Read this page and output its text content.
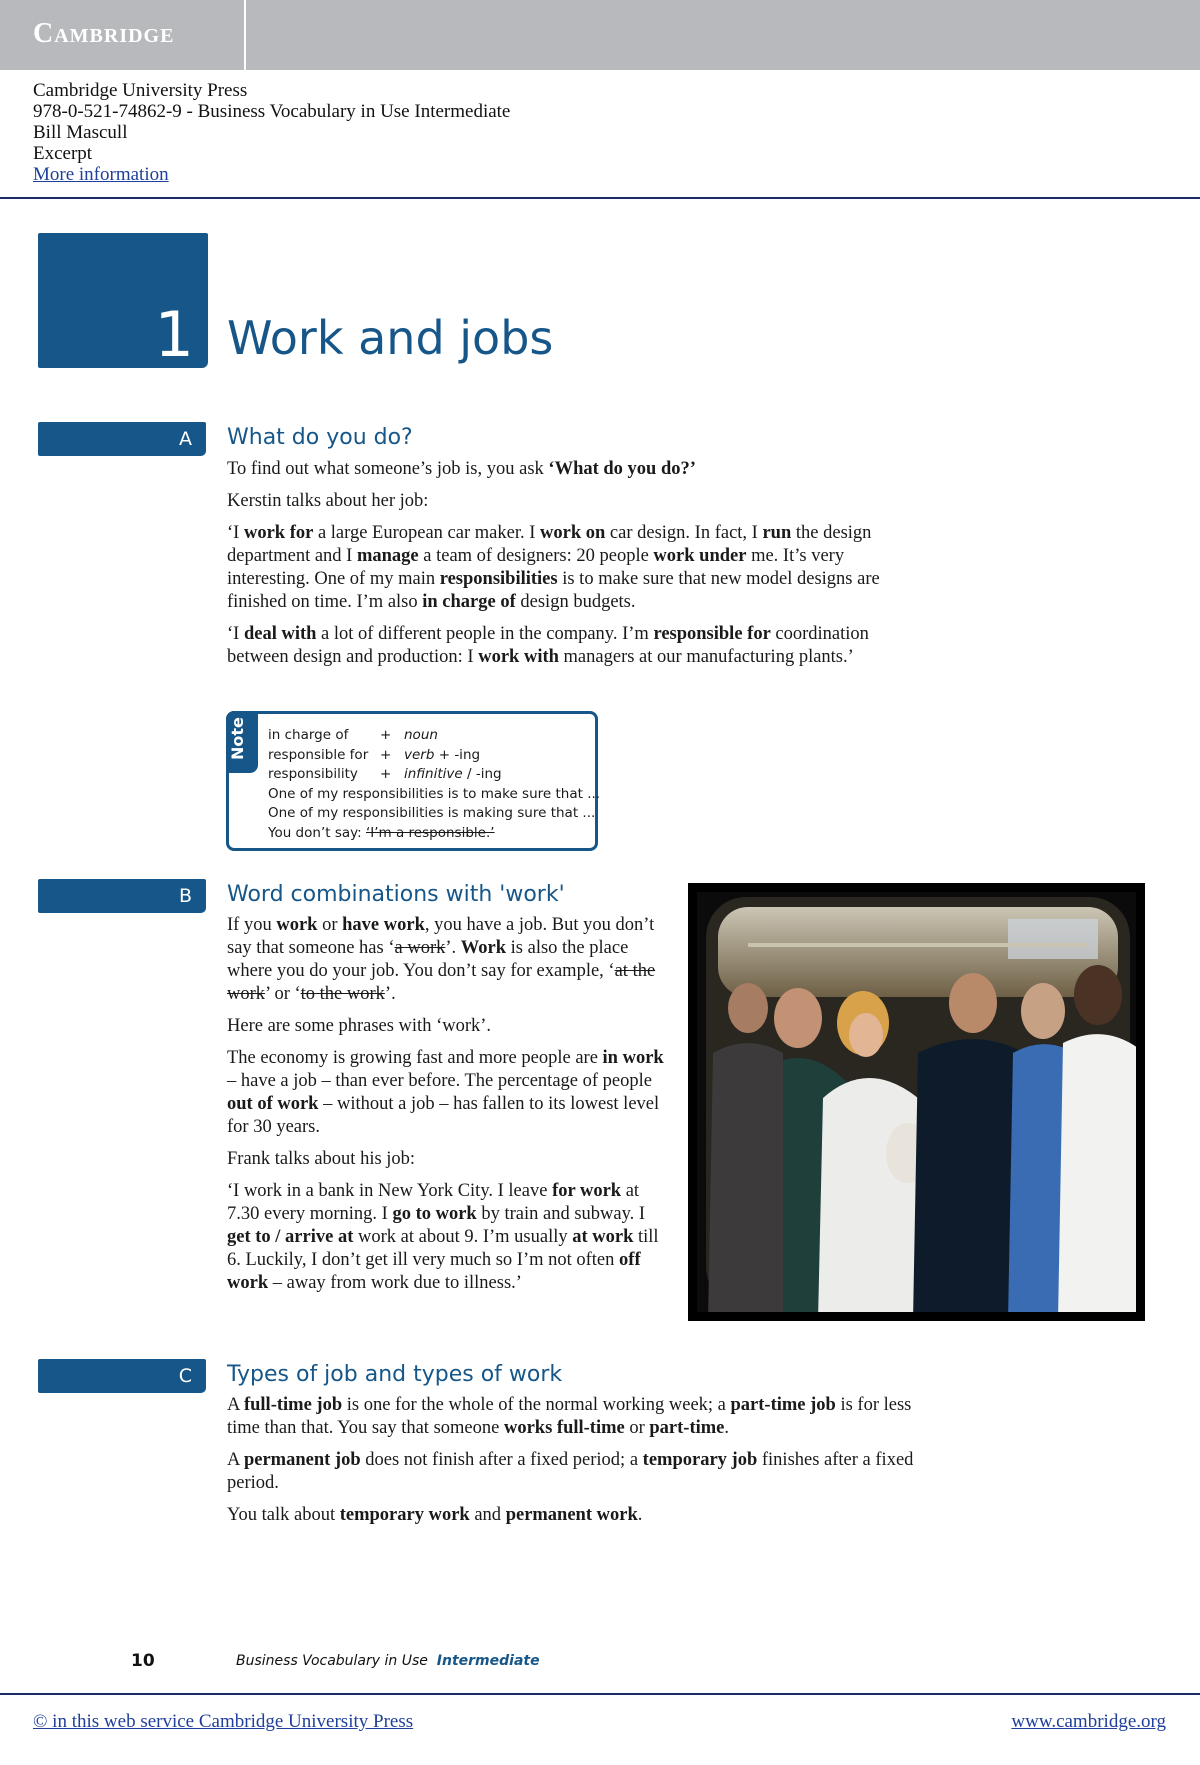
Cambridge
Cambridge University Press
978-0-521-74862-9 - Business Vocabulary in Use Intermediate
Bill Mascull
Excerpt
More information
1 Work and jobs
A What do you do?

To find out what someone’s job is, you ask ‘What do you do?’

Kerstin talks about her job:

‘I work for a large European car maker. I work on car design. In fact, I run the design department and I manage a team of designers: 20 people work under me. It’s very interesting. One of my main responsibilities is to make sure that new model designs are finished on time. I’m also in charge of design budgets.

‘I deal with a lot of different people in the company. I’m responsible for coordination between design and production: I work with managers at our manufacturing plants.’

Note	in charge of	+ noun
responsible for + verb + -ing
responsibility	+ infinitive / -ing
One of my responsibilities is to make sure that ...
One of my responsibilities is making sure that ...
You don’t say: ‘I’m a responsible.’
B Word combinations with 'work'

If you work or have work, you have a job. But you don’t say that someone has ‘a work’. Work is also the place where you do your job. You don’t say for example, ‘at the work’ or ‘to the work’.

Here are some phrases with ‘work’.

The economy is growing fast and more people are in work – have a job – than ever before. The percentage of people out of work – without a job – has fallen to its lowest level for 30 years.

Frank talks about his job:

‘I work in a bank in New York City. I leave for work at 7.30 every morning. I go to work by train and subway. I get to / arrive at work at about 9. I’m usually at work till 6. Luckily, I don’t get ill very much so I’m not often off work – away from work due to illness.’

C Types of job and types of work

A full-time job is one for the whole of the normal working week; a part-time job is for less time than that. You say that someone works full-time or part-time.

A permanent job does not finish after a fixed period; a temporary job finishes after a fixed period.

You talk about temporary work and permanent work.

10	Business Vocabulary in Use Intermediate
© in this web service Cambridge University Press	www.cambridge.org
